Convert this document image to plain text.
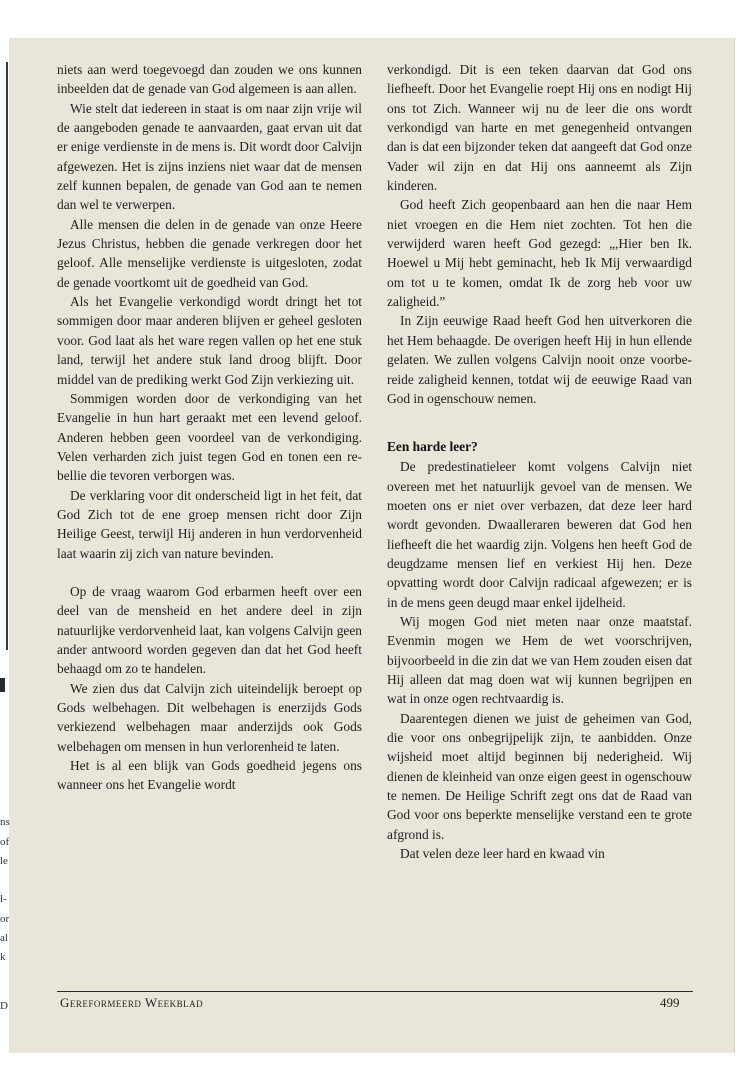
ns
of
le
l-
or
al
k
D

niets aan werd toegevoegd dan zouden we ons kunnen inbeelden dat de genade van God algemeen is aan allen.

Wie stelt dat iedereen in staat is om naar zijn vrije wil de aangeboden genade te aanvaarden, gaat ervan uit dat er enige verdienste in de mens is. Dit wordt door Calvijn afgewezen. Het is zijns inziens niet waar dat de mensen zelf kunnen bepalen, de genade van God aan te nemen dan wel te verwerpen.

Alle mensen die delen in de genade van onze Heere Jezus Christus, hebben die genade verkregen door het geloof. Alle menselijke verdienste is uitgesloten, zodat de genade voortkomt uit de goedheid van God.

Als het Evangelie verkondigd wordt dringt het tot sommigen door maar anderen blijven er geheel gesloten voor. God laat als het ware regen vallen op het ene stuk land, terwijl het andere stuk land droog blijft. Door middel van de prediking werkt God Zijn verkiezing uit.

Sommigen worden door de verkondiging van het Evangelie in hun hart geraakt met een levend geloof. Anderen hebben geen voordeel van de verkondiging. Velen verharden zich juist tegen God en tonen een rebellie die tevoren verborgen was.

De verklaring voor dit onderscheid ligt in het feit, dat God Zich tot de ene groep mensen richt door Zijn Heilige Geest, terwijl Hij anderen in hun verdorvenheid laat waarin zij zich van nature bevinden.

Op de vraag waarom God erbarmen heeft over een deel van de mensheid en het andere deel in zijn natuurlijke verdorvenheid laat, kan volgens Calvijn geen ander antwoord worden gegeven dan dat het God heeft behaagd om zo te handelen.

We zien dus dat Calvijn zich uiteindelijk beroept op Gods welbehagen. Dit welbehagen is enerzijds Gods verkiezend welbehagen maar anderzijds ook Gods welbehagen om mensen in hun verlorenheid te laten.

Het is al een blijk van Gods goedheid jegens ons wanneer ons het Evangelie wordt

verkondigd. Dit is een teken daarvan dat God ons liefheeft. Door het Evangelie roept Hij ons en nodigt Hij ons tot Zich. Wanneer wij nu de leer die ons wordt verkondigd van harte en met genegenheid ontvangen dan is dat een bijzonder teken dat aangeeft dat God onze Vader wil zijn en dat Hij ons aanneemt als Zijn kinderen.

God heeft Zich geopenbaard aan hen die naar Hem niet vroegen en die Hem niet zochten. Tot hen die verwijderd waren heeft God gezegd: „,Hier ben Ik. Hoewel u Mij hebt geminacht, heb Ik Mij verwaardigd om tot u te komen, omdat Ik de zorg heb voor uw zaligheid.”

In Zijn eeuwige Raad heeft God hen uitverkoren die het Hem behaagde. De overigen heeft Hij in hun ellende gelaten. We zullen volgens Calvijn nooit onze voorbereide zaligheid kennen, totdat wij de eeuwige Raad van God in ogenschouw nemen.

Een harde leer?

De predestinatieleer komt volgens Calvijn niet overeen met het natuurlijk gevoel van de mensen. We moeten ons er niet over verbazen, dat deze leer hard wordt gevonden. Dwaalleraren beweren dat God hen liefheeft die het waardig zijn. Volgens hen heeft God de deugdzame mensen lief en verkiest Hij hen. Deze opvatting wordt door Calvijn radicaal afgewezen; er is in de mens geen deugd maar enkel ijdelheid.

Wij mogen God niet meten naar onze maatstaf. Evenmin mogen we Hem de wet voorschrijven, bijvoorbeeld in die zin dat we van Hem zouden eisen dat Hij alleen dat mag doen wat wij kunnen begrijpen en wat in onze ogen rechtvaardig is.

Daarentegen dienen we juist de geheimen van God, die voor ons onbegrijpelijk zijn, te aanbidden. Onze wijsheid moet altijd beginnen bij nederigheid. Wij dienen de kleinheid van onze eigen geest in ogenschouw te nemen. De Heilige Schrift zegt ons dat de Raad van God voor ons beperkte menselijke verstand een te grote afgrond is.

Dat velen deze leer hard en kwaad vin

Gereformeerd Weekblad	499
